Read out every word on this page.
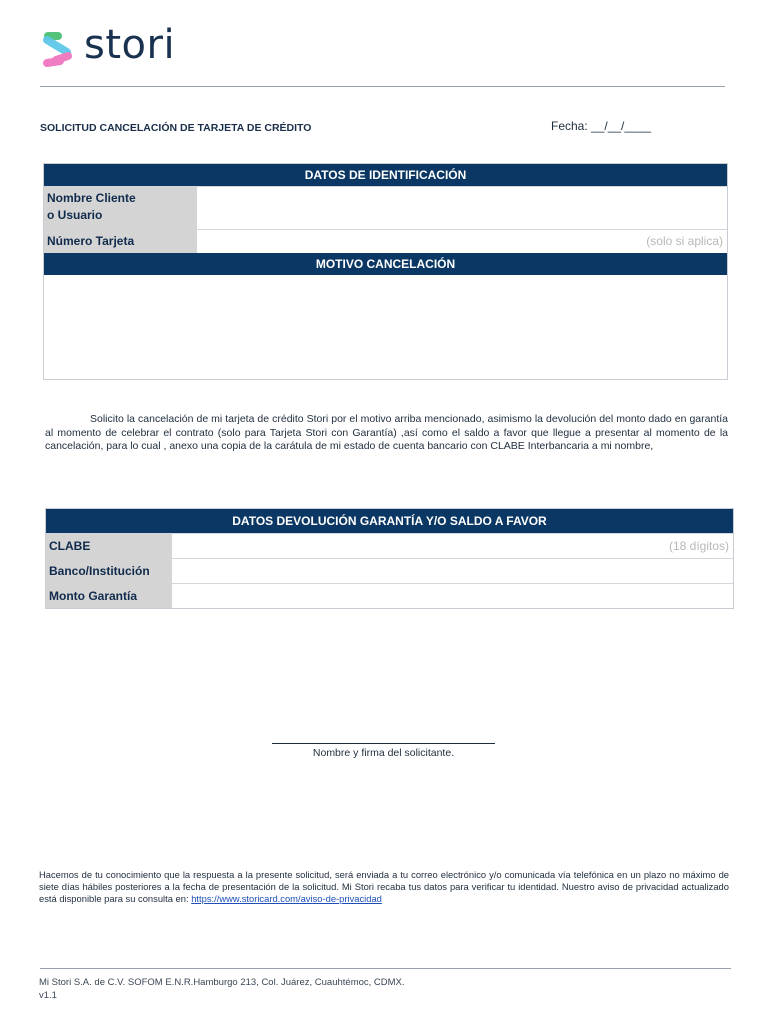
stori
SOLICITUD CANCELACIÓN DE TARJETA DE CRÉDITO	Fecha: __/__/____
DATOS DE IDENTIFICACIÓN
Nombre Cliente
o Usuario
Número Tarjeta	(solo si aplica)
MOTIVO CANCELACIÓN
Solicito la cancelación de mi tarjeta de crédito Stori por el motivo arriba mencionado, asimismo la devolución del monto dado en garantía al momento de celebrar el contrato (solo para Tarjeta Stori con Garantía) ,así como el saldo a favor que llegue a presentar al momento de la cancelación, para lo cual , anexo una copia de la carátula de mi estado de cuenta bancario con CLABE Interbancaria a mi nombre,
DATOS DEVOLUCIÓN GARANTÍA Y/O SALDO A FAVOR
CLABE	(18 dígitos)
Banco/Institución
Monto Garantía
Nombre y firma del solicitante.
Hacemos de tu conocimiento que la respuesta a la presente solicitud, será enviada a tu correo electrónico y/o comunicada vía telefónica en un plazo no máximo de siete días hábiles posteriores a la fecha de presentación de la solicitud. Mi Stori recaba tus datos para verificar tu identidad. Nuestro aviso de privacidad actualizado está disponible para su consulta en: https://www.storicard.com/aviso-de-privacidad
Mi Stori S.A. de C.V. SOFOM E.N.R.Hamburgo 213, Col. Juárez, Cuauhtémoc, CDMX.
v1.1
